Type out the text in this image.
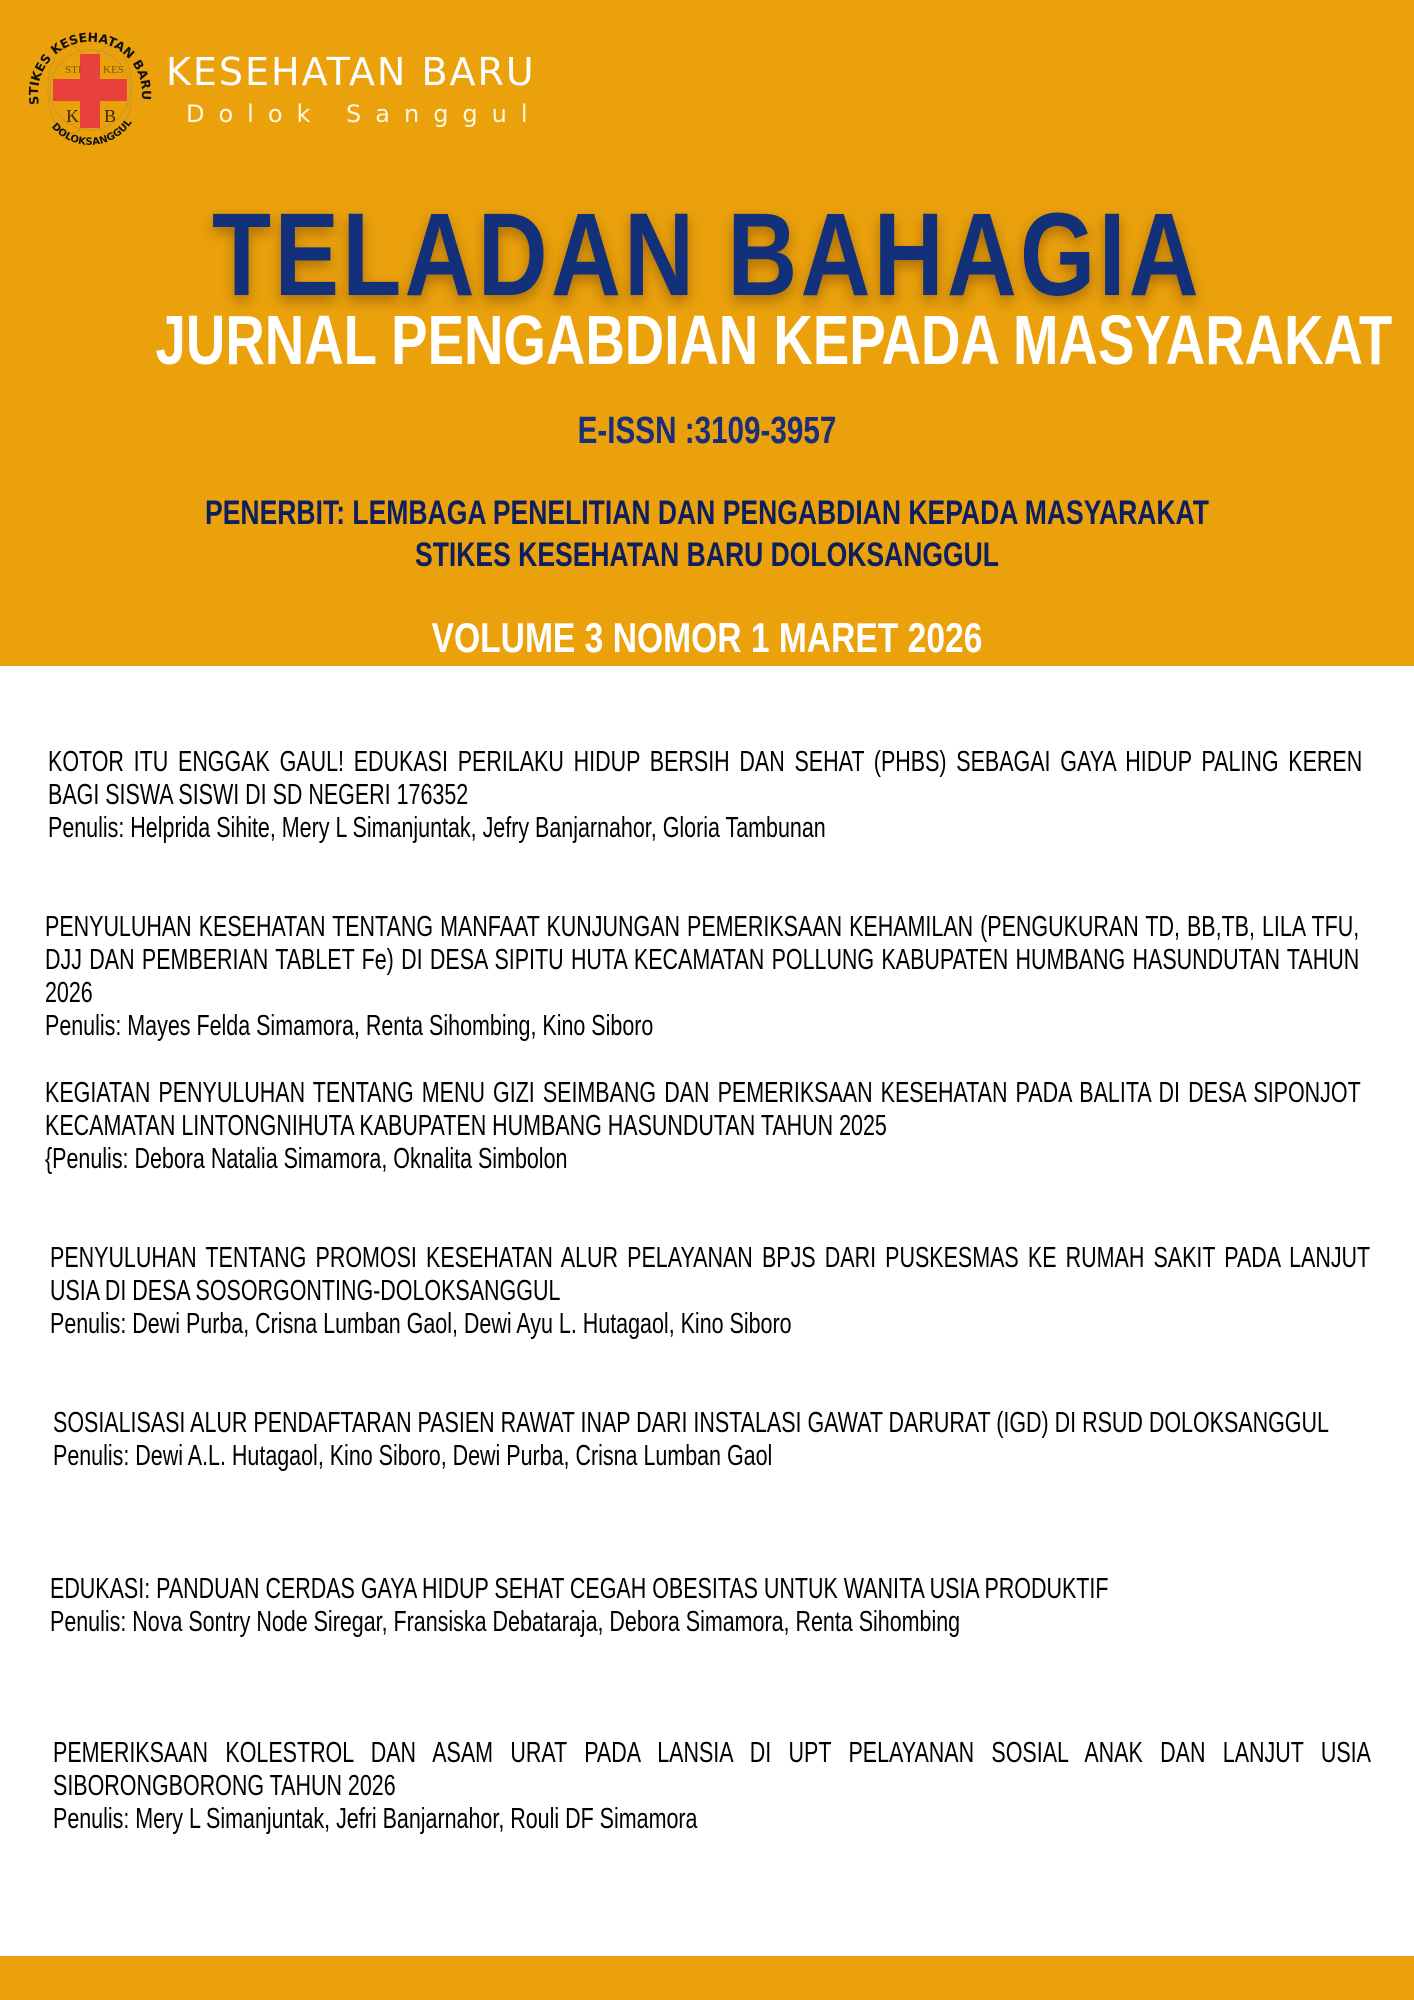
STI KES
K B
STIKES KESEHATAN BARU
DOLOKSANGGUL
KESEHATAN BARU
Dolok Sanggul
TELADAN BAHAGIA
JURNAL PENGABDIAN KEPADA MASYARAKAT
E-ISSN :3109-3957
PENERBIT: LEMBAGA PENELITIAN DAN PENGABDIAN KEPADA MASYARAKAT
STIKES KESEHATAN BARU DOLOKSANGGUL
VOLUME 3 NOMOR 1 MARET 2026
KOTOR ITU ENGGAK GAUL! EDUKASI PERILAKU HIDUP BERSIH DAN SEHAT (PHBS) SEBAGAI GAYA HIDUP PALING KEREN BAGI SISWA SISWI DI SD NEGERI 176352
Penulis: Helprida Sihite, Mery L Simanjuntak, Jefry Banjarnahor, Gloria Tambunan
PENYULUHAN KESEHATAN TENTANG MANFAAT KUNJUNGAN PEMERIKSAAN KEHAMILAN (PENGUKURAN TD, BB,TB, LILA TFU, DJJ DAN PEMBERIAN TABLET Fe) DI DESA SIPITU HUTA KECAMATAN POLLUNG KABUPATEN HUMBANG HASUNDUTAN TAHUN 2026
Penulis: Mayes Felda Simamora, Renta Sihombing, Kino Siboro
KEGIATAN PENYULUHAN TENTANG MENU GIZI SEIMBANG DAN PEMERIKSAAN KESEHATAN PADA BALITA DI DESA SIPONJOT KECAMATAN LINTONGNIHUTA KABUPATEN HUMBANG HASUNDUTAN TAHUN 2025
{Penulis: Debora Natalia Simamora, Oknalita Simbolon
PENYULUHAN TENTANG PROMOSI KESEHATAN ALUR PELAYANAN BPJS DARI PUSKESMAS KE RUMAH SAKIT PADA LANJUT USIA DI DESA SOSORGONTING-DOLOKSANGGUL
Penulis: Dewi Purba, Crisna Lumban Gaol, Dewi Ayu L. Hutagaol, Kino Siboro
SOSIALISASI ALUR PENDAFTARAN PASIEN RAWAT INAP DARI INSTALASI GAWAT DARURAT (IGD) DI RSUD DOLOKSANGGUL
Penulis: Dewi A.L. Hutagaol, Kino Siboro, Dewi Purba, Crisna Lumban Gaol
EDUKASI: PANDUAN CERDAS GAYA HIDUP SEHAT CEGAH OBESITAS UNTUK WANITA USIA PRODUKTIF
Penulis: Nova Sontry Node Siregar, Fransiska Debataraja, Debora Simamora, Renta Sihombing
PEMERIKSAAN KOLESTROL DAN ASAM URAT PADA LANSIA DI UPT PELAYANAN SOSIAL ANAK DAN LANJUT USIA SIBORONGBORONG TAHUN 2026
Penulis: Mery L Simanjuntak, Jefri Banjarnahor, Rouli DF Simamora
